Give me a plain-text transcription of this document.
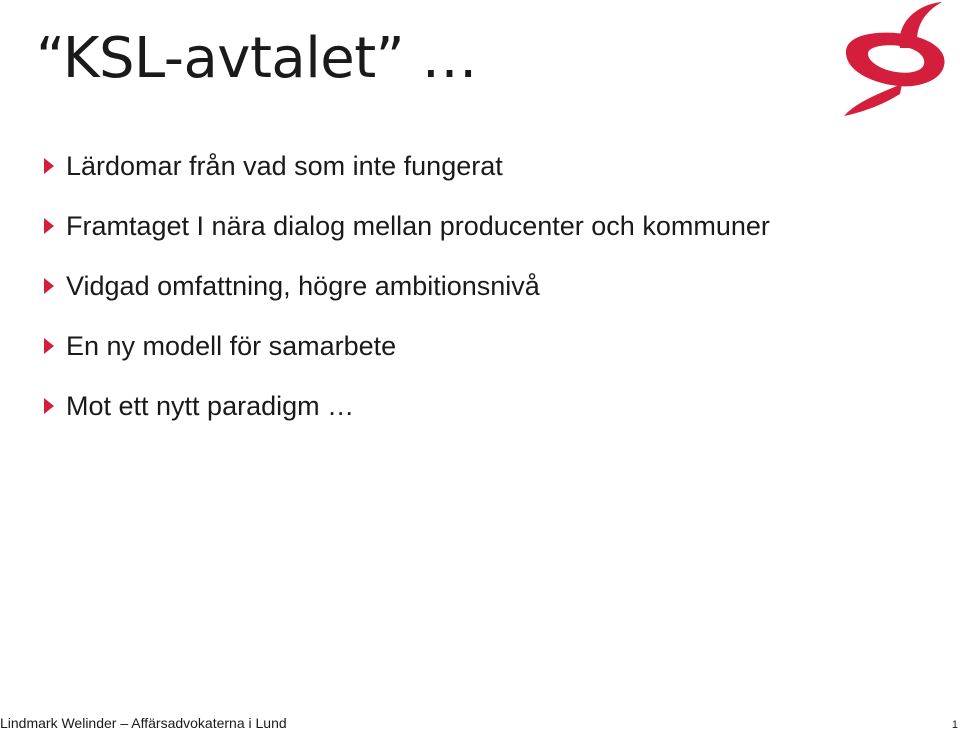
“KSL-avtalet” …
Lärdomar från vad som inte fungerat
Framtaget I nära dialog mellan producenter och kommuner
Vidgad omfattning, högre ambitionsnivå
En ny modell för samarbete
Mot ett nytt paradigm …
Lindmark Welinder – Affärsadvokaterna i Lund	1
